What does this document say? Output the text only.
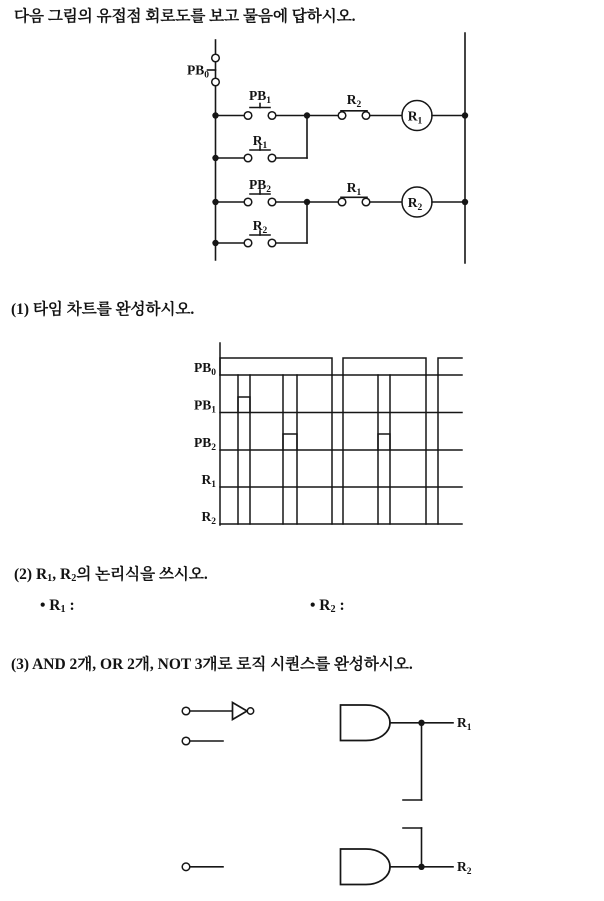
다음 그림의 유접점 회로도를 보고 물음에 답하시오.
(1) 타임 차트를 완성하시오.
(2) $R_1$, $R_2$의 논리식을 쓰시오.
• $R_1$ :	• $R_2$ :
(3) AND 2개, OR 2개, NOT 3개로 로직 시퀀스를 완성하시오.
$PB_0$
$PB_1$	$R_2$
$R_1$
$R_1$
$PB_2$	$R_1$
$R_2$
$R_2$
$PB_0$
$PB_1$
$PB_2$
$R_1$
$R_2$
$R_1$
$R_2$
